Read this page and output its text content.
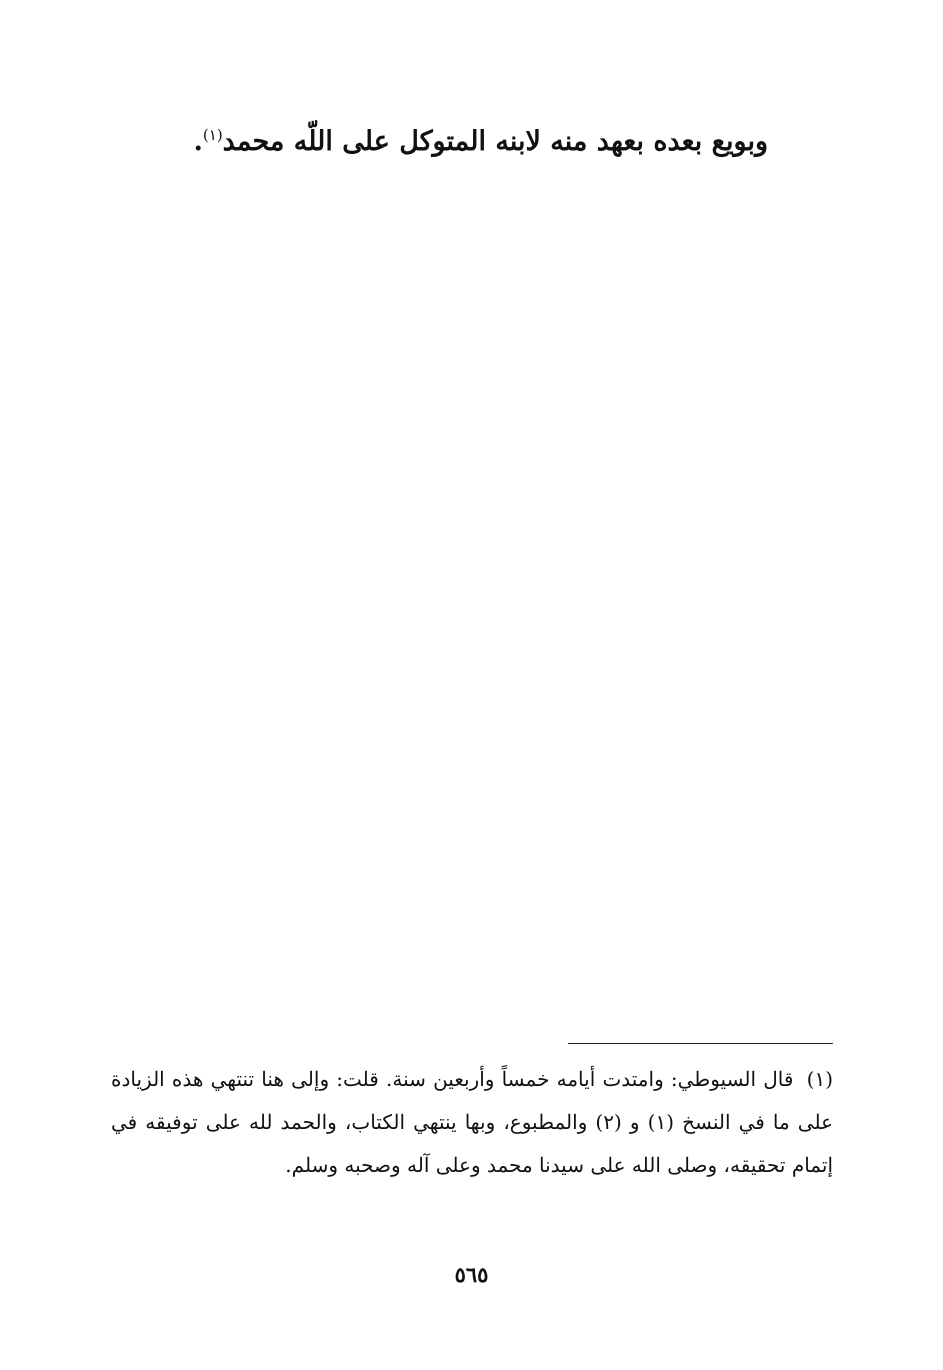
وبويع بعده بعهد منه لابنه المتوكل على اللّه محمد$^{(١)}$.
(١) قال السيوطي: وامتدت أيامه خمساً وأربعين سنة. قلت: وإلى هنا تنتهي هذه الزيادة على ما في النسخ (١) و (٢) والمطبوع، وبها ينتهي الكتاب، والحمد لله على توفيقه في إتمام تحقيقه، وصلى الله على سيدنا محمد وعلى آله وصحبه وسلم.
٥٦٥
